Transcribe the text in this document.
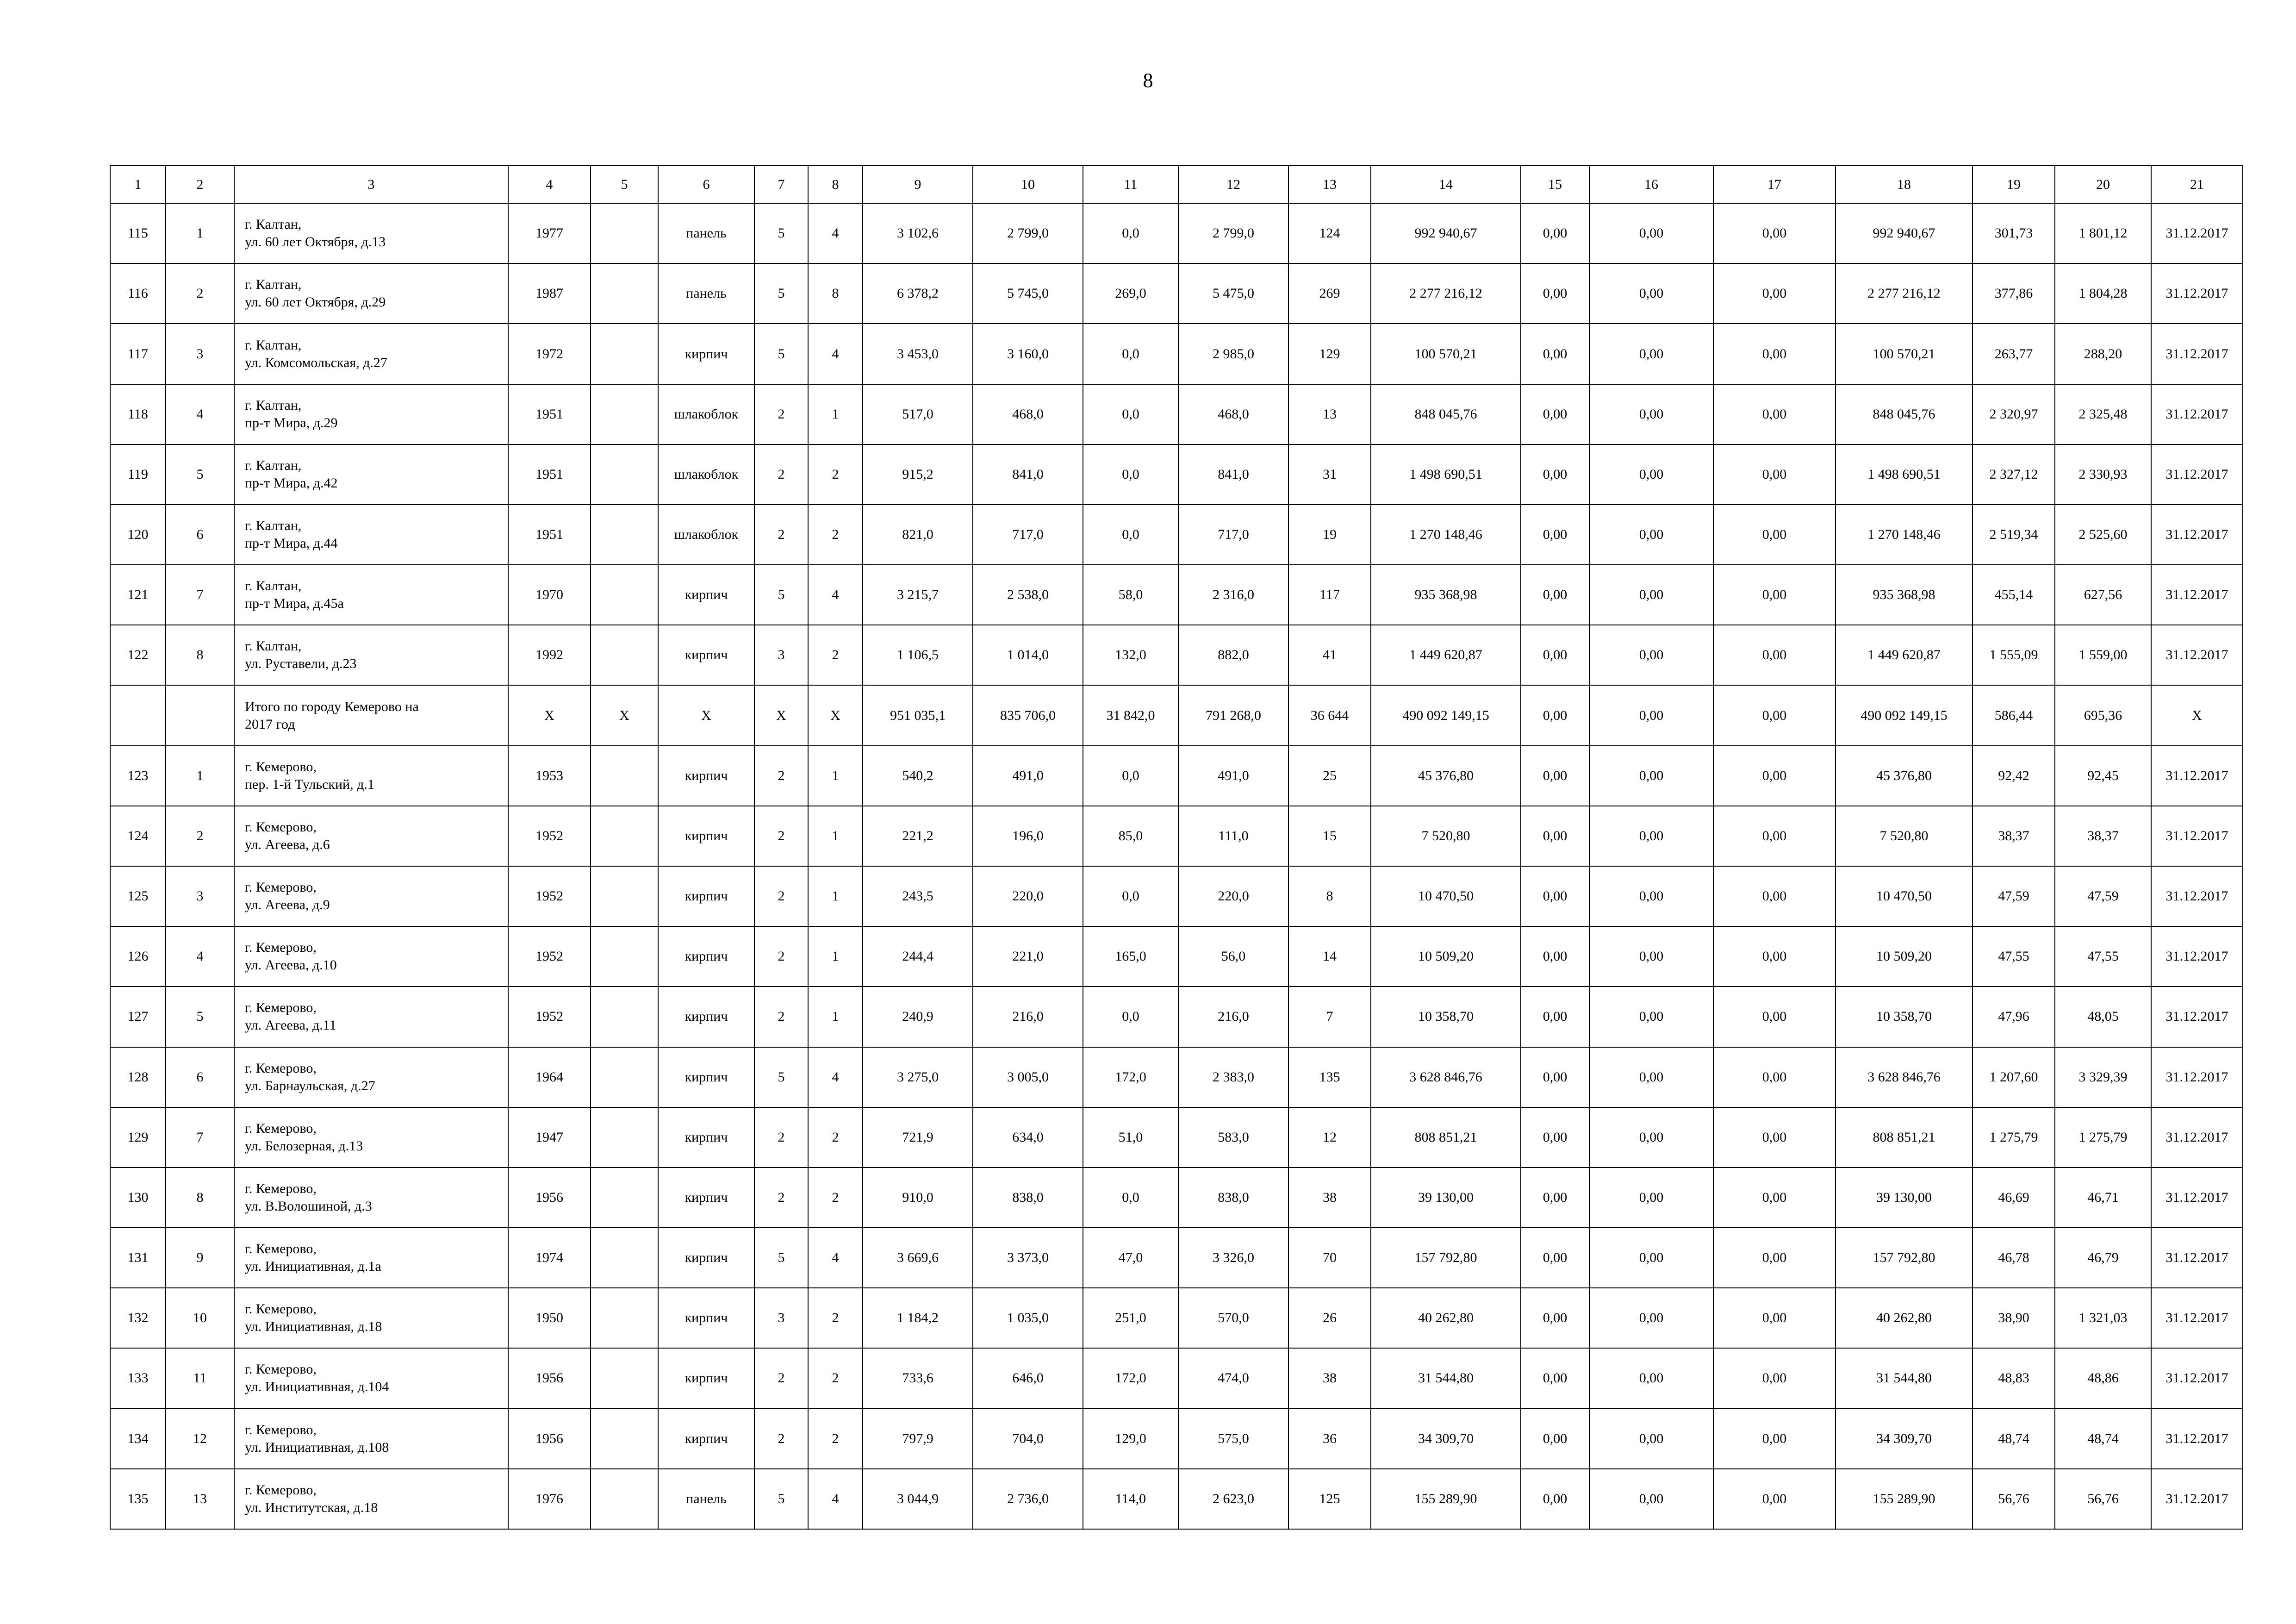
8
1	2	3	4	5	6	7	8	9	10	11	12	13	14	15	16	17	18	19	20	21
115	1	г. Калтан,
ул. 60 лет Октября, д.13	1977		панель	5	4	3 102,6	2 799,0	0,0	2 799,0	124	992 940,67	0,00	0,00	0,00	992 940,67	301,73	1 801,12	31.12.2017
116	2	г. Калтан,
ул. 60 лет Октября, д.29	1987		панель	5	8	6 378,2	5 745,0	269,0	5 475,0	269	2 277 216,12	0,00	0,00	0,00	2 277 216,12	377,86	1 804,28	31.12.2017
117	3	г. Калтан,
ул. Комсомольская, д.27	1972		кирпич	5	4	3 453,0	3 160,0	0,0	2 985,0	129	100 570,21	0,00	0,00	0,00	100 570,21	263,77	288,20	31.12.2017
118	4	г. Калтан,
пр-т Мира, д.29	1951		шлакоблок	2	1	517,0	468,0	0,0	468,0	13	848 045,76	0,00	0,00	0,00	848 045,76	2 320,97	2 325,48	31.12.2017
119	5	г. Калтан,
пр-т Мира, д.42	1951		шлакоблок	2	2	915,2	841,0	0,0	841,0	31	1 498 690,51	0,00	0,00	0,00	1 498 690,51	2 327,12	2 330,93	31.12.2017
120	6	г. Калтан,
пр-т Мира, д.44	1951		шлакоблок	2	2	821,0	717,0	0,0	717,0	19	1 270 148,46	0,00	0,00	0,00	1 270 148,46	2 519,34	2 525,60	31.12.2017
121	7	г. Калтан,
пр-т Мира, д.45а	1970		кирпич	5	4	3 215,7	2 538,0	58,0	2 316,0	117	935 368,98	0,00	0,00	0,00	935 368,98	455,14	627,56	31.12.2017
122	8	г. Калтан,
ул. Руставели, д.23	1992		кирпич	3	2	1 106,5	1 014,0	132,0	882,0	41	1 449 620,87	0,00	0,00	0,00	1 449 620,87	1 555,09	1 559,00	31.12.2017

		Итого по городу Кемерово на
2017 год	X	X	X	X	X	951 035,1	835 706,0	31 842,0	791 268,0	36 644	490 092 149,15	0,00	0,00	0,00	490 092 149,15	586,44	695,36	X
123	1	г. Кемерово,
пер. 1-й Тульский, д.1	1953		кирпич	2	1	540,2	491,0	0,0	491,0	25	45 376,80	0,00	0,00	0,00	45 376,80	92,42	92,45	31.12.2017
124	2	г. Кемерово,
ул. Агеева, д.6	1952		кирпич	2	1	221,2	196,0	85,0	111,0	15	7 520,80	0,00	0,00	0,00	7 520,80	38,37	38,37	31.12.2017
125	3	г. Кемерово,
ул. Агеева, д.9	1952		кирпич	2	1	243,5	220,0	0,0	220,0	8	10 470,50	0,00	0,00	0,00	10 470,50	47,59	47,59	31.12.2017
126	4	г. Кемерово,
ул. Агеева, д.10	1952		кирпич	2	1	244,4	221,0	165,0	56,0	14	10 509,20	0,00	0,00	0,00	10 509,20	47,55	47,55	31.12.2017
127	5	г. Кемерово,
ул. Агеева, д.11	1952		кирпич	2	1	240,9	216,0	0,0	216,0	7	10 358,70	0,00	0,00	0,00	10 358,70	47,96	48,05	31.12.2017
128	6	г. Кемерово,
ул. Барнаульская, д.27	1964		кирпич	5	4	3 275,0	3 005,0	172,0	2 383,0	135	3 628 846,76	0,00	0,00	0,00	3 628 846,76	1 207,60	3 329,39	31.12.2017
129	7	г. Кемерово,
ул. Белозерная, д.13	1947		кирпич	2	2	721,9	634,0	51,0	583,0	12	808 851,21	0,00	0,00	0,00	808 851,21	1 275,79	1 275,79	31.12.2017
130	8	г. Кемерово,
ул. В.Волошиной, д.3	1956		кирпич	2	2	910,0	838,0	0,0	838,0	38	39 130,00	0,00	0,00	0,00	39 130,00	46,69	46,71	31.12.2017
131	9	г. Кемерово,
ул. Инициативная, д.1а	1974		кирпич	5	4	3 669,6	3 373,0	47,0	3 326,0	70	157 792,80	0,00	0,00	0,00	157 792,80	46,78	46,79	31.12.2017
132	10	г. Кемерово,
ул. Инициативная, д.18	1950		кирпич	3	2	1 184,2	1 035,0	251,0	570,0	26	40 262,80	0,00	0,00	0,00	40 262,80	38,90	1 321,03	31.12.2017
133	11	г. Кемерово,
ул. Инициативная, д.104	1956		кирпич	2	2	733,6	646,0	172,0	474,0	38	31 544,80	0,00	0,00	0,00	31 544,80	48,83	48,86	31.12.2017
134	12	г. Кемерово,
ул. Инициативная, д.108	1956		кирпич	2	2	797,9	704,0	129,0	575,0	36	34 309,70	0,00	0,00	0,00	34 309,70	48,74	48,74	31.12.2017
135	13	г. Кемерово,
ул. Институтская, д.18	1976		панель	5	4	3 044,9	2 736,0	114,0	2 623,0	125	155 289,90	0,00	0,00	0,00	155 289,90	56,76	56,76	31.12.2017
